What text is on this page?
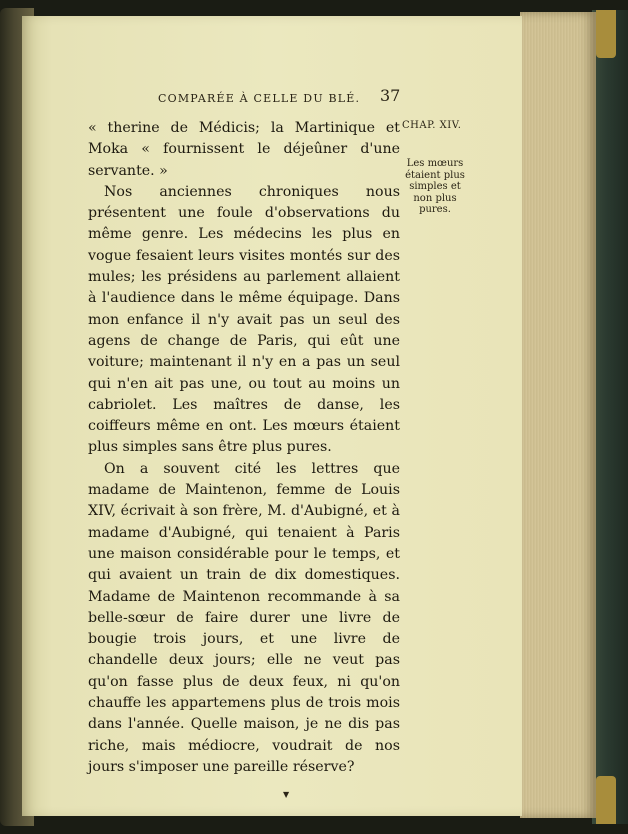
COMPARÉE À CELLE DU BLÉ. 37
CHAP. XIV.
Les mœurs étaient plus simples et non plus pures.

« therine de Médicis; la Martinique et Moka « fournissent le déjeûner d'une servante. »

Nos anciennes chroniques nous présentent une foule d'observations du même genre. Les médecins les plus en vogue fesaient leurs visites montés sur des mules; les présidens au parlement allaient à l'audience dans le même équipage. Dans mon enfance il n'y avait pas un seul des agens de change de Paris, qui eût une voiture; maintenant il n'y en a pas un seul qui n'en ait pas une, ou tout au moins un cabriolet. Les maîtres de danse, les coiffeurs même en ont. Les mœurs étaient plus simples sans être plus pures.

On a souvent cité les lettres que madame de Maintenon, femme de Louis XIV, écrivait à son frère, M. d'Aubigné, et à madame d'Aubigné, qui tenaient à Paris une maison considérable pour le temps, et qui avaient un train de dix domestiques. Madame de Maintenon recommande à sa belle-sœur de faire durer une livre de bougie trois jours, et une livre de chandelle deux jours; elle ne veut pas qu'on fasse plus de deux feux, ni qu'on chauffe les appartemens plus de trois mois dans l'année. Quelle maison, je ne dis pas riche, mais médiocre, voudrait de nos jours s'imposer une pareille réserve?

▼
